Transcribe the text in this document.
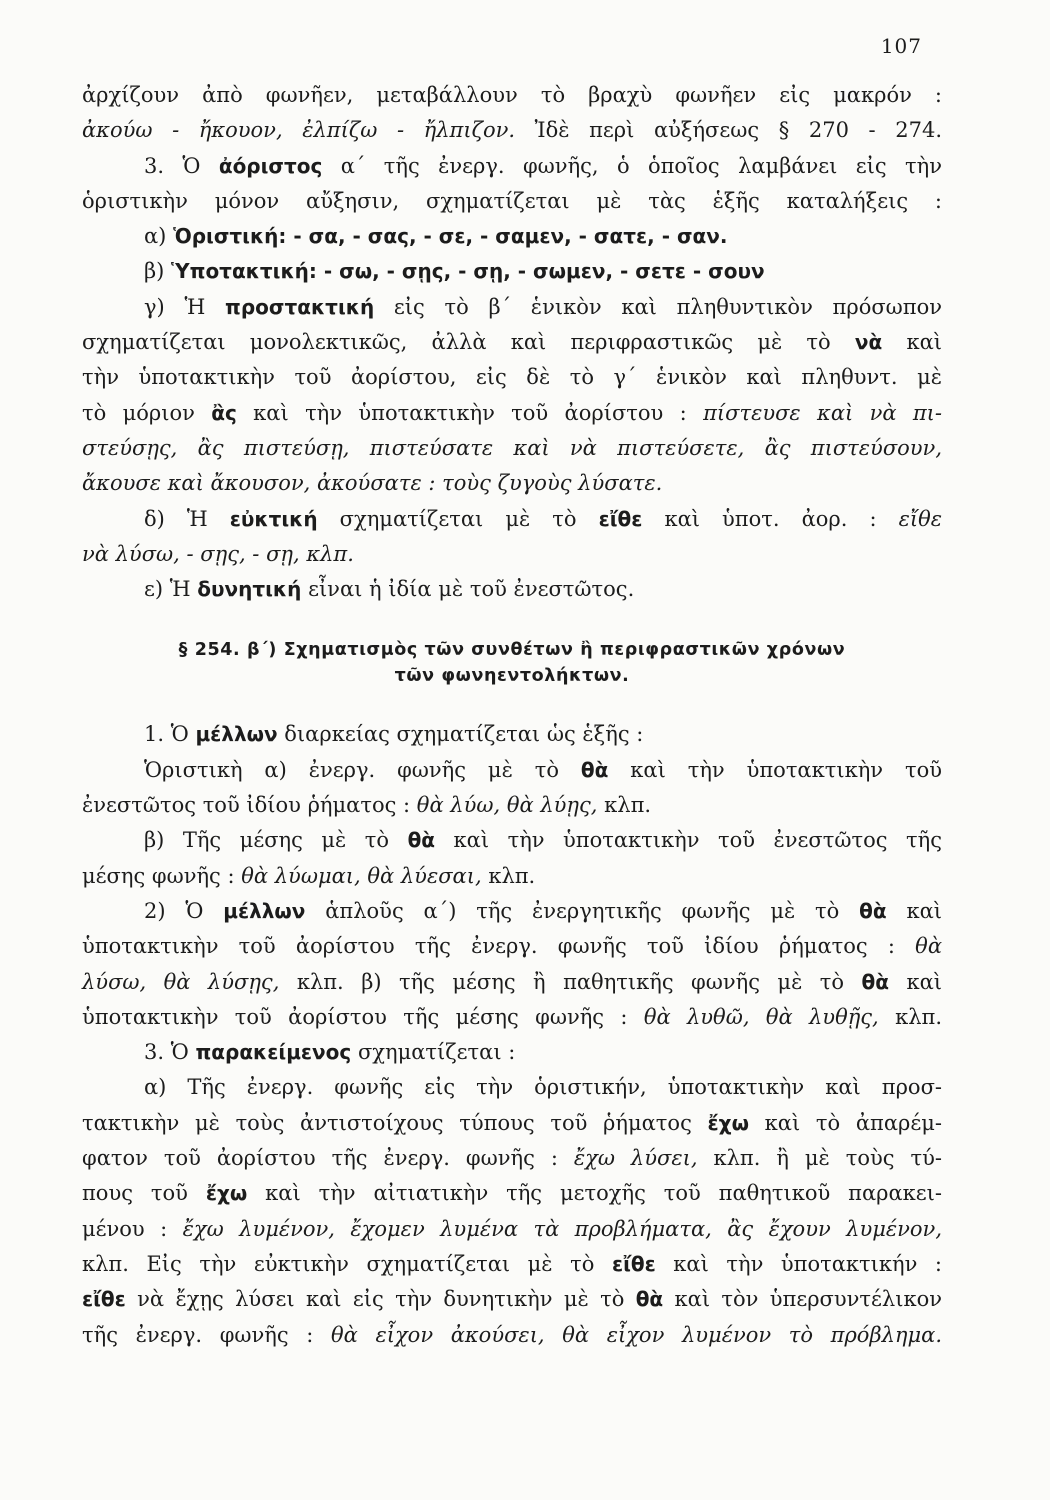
107
ἀρχίζουν ἀπὸ φωνῆεν, μεταβάλλουν τὸ βραχὺ φωνῆεν εἰς μακρόν :
ἀκούω - ἤκουον, ἐλπίζω - ἤλπιζον. Ἰδὲ περὶ αὐξήσεως § 270 - 274.
3. Ὁ ἀόριστος α΄ τῆς ἐνεργ. φωνῆς, ὁ ὁποῖος λαμβάνει εἰς τὴν
ὁριστικὴν μόνον αὔξησιν, σχηματίζεται μὲ τὰς ἑξῆς καταλήξεις :
α) Ὁριστική: - σα, - σας, - σε, - σαμεν, - σατε, - σαν.
β) Ὑποτακτική: - σω, - σῃς, - σῃ, - σωμεν, - σετε - σουν
γ) Ἡ προστακτική εἰς τὸ β΄ ἑνικὸν καὶ πληθυντικὸν πρόσωπον
σχηματίζεται μονολεκτικῶς, ἀλλὰ καὶ περιφραστικῶς μὲ τὸ νὰ καὶ
τὴν ὑποτακτικὴν τοῦ ἀορίστου, εἰς δὲ τὸ γ΄ ἑνικὸν καὶ πληθυντ. μὲ
τὸ μόριον ἂς καὶ τὴν ὑποτακτικὴν τοῦ ἀορίστου : πίστευσε καὶ νὰ πι-
στεύσῃς, ἂς πιστεύσῃ, πιστεύσατε καὶ νὰ πιστεύσετε, ἂς πιστεύσουν,
ἄκουσε καὶ ἄκουσον, ἀκούσατε : τοὺς ζυγοὺς λύσατε.
δ) Ἡ εὐκτική σχηματίζεται μὲ τὸ εἴθε καὶ ὑποτ. ἀορ. : εἴθε
νὰ λύσω, - σῃς, - σῃ, κλπ.
ε) Ἡ δυνητική εἶναι ἡ ἰδία μὲ τοῦ ἐνεστῶτος.
§ 254. β΄) Σχηματισμὸς τῶν συνθέτων ἢ περιφραστικῶν χρόνων
τῶν φωνηεντολήκτων.
1. Ὁ μέλλων διαρκείας σχηματίζεται ὡς ἑξῆς :
Ὁριστικὴ α) ἐνεργ. φωνῆς μὲ τὸ θὰ καὶ τὴν ὑποτακτικὴν τοῦ
ἐνεστῶτος τοῦ ἰδίου ῥήματος : θὰ λύω, θὰ λύῃς, κλπ.
β) Τῆς μέσης μὲ τὸ θὰ καὶ τὴν ὑποτακτικὴν τοῦ ἐνεστῶτος τῆς
μέσης φωνῆς : θὰ λύωμαι, θὰ λύεσαι, κλπ.
2) Ὁ μέλλων ἁπλοῦς α΄) τῆς ἐνεργητικῆς φωνῆς μὲ τὸ θὰ καὶ
ὑποτακτικὴν τοῦ ἀορίστου τῆς ἐνεργ. φωνῆς τοῦ ἰδίου ῥήματος : θὰ
λύσω, θὰ λύσῃς, κλπ. β) τῆς μέσης ἢ παθητικῆς φωνῆς μὲ τὸ θὰ καὶ
ὑποτακτικὴν τοῦ ἀορίστου τῆς μέσης φωνῆς : θὰ λυθῶ, θὰ λυθῇς, κλπ.
3. Ὁ παρακείμενος σχηματίζεται :
α) Τῆς ἐνεργ. φωνῆς εἰς τὴν ὁριστικήν, ὑποτακτικὴν καὶ προσ-
τακτικὴν μὲ τοὺς ἀντιστοίχους τύπους τοῦ ῥήματος ἔχω καὶ τὸ ἀπαρέμ-
φατον τοῦ ἀορίστου τῆς ἐνεργ. φωνῆς : ἔχω λύσει, κλπ. ἢ μὲ τοὺς τύ-
πους τοῦ ἔχω καὶ τὴν αἰτιατικὴν τῆς μετοχῆς τοῦ παθητικοῦ παρακει-
μένου : ἔχω λυμένον, ἔχομεν λυμένα τὰ προβλήματα, ἂς ἔχουν λυμένον,
κλπ. Εἰς τὴν εὐκτικὴν σχηματίζεται μὲ τὸ εἴθε καὶ τὴν ὑποτακτικήν :
εἴθε νὰ ἔχῃς λύσει καὶ εἰς τὴν δυνητικὴν μὲ τὸ θὰ καὶ τὸν ὑπερσυντέλικον
τῆς ἐνεργ. φωνῆς : θὰ εἶχον ἀκούσει, θὰ εἶχον λυμένον τὸ πρόβλημα.
